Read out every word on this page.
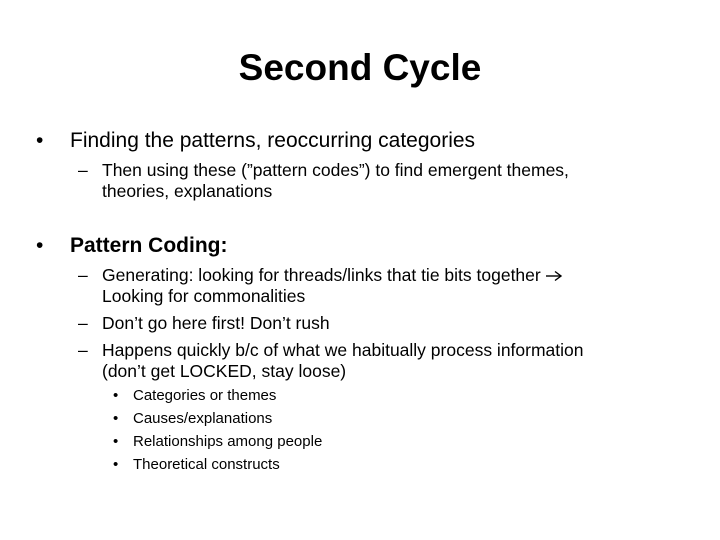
Second Cycle
• Finding the patterns, reoccurring categories
– Then using these (”pattern codes”) to find emergent themes,
theories, explanations
• Pattern Coding:
– Generating: looking for threads/links that tie bits together
Looking for commonalities
– Don’t go here first! Don’t rush
– Happens quickly b/c of what we habitually process information
(don’t get LOCKED, stay loose)
• Categories or themes
• Causes/explanations
• Relationships among people
• Theoretical constructs
